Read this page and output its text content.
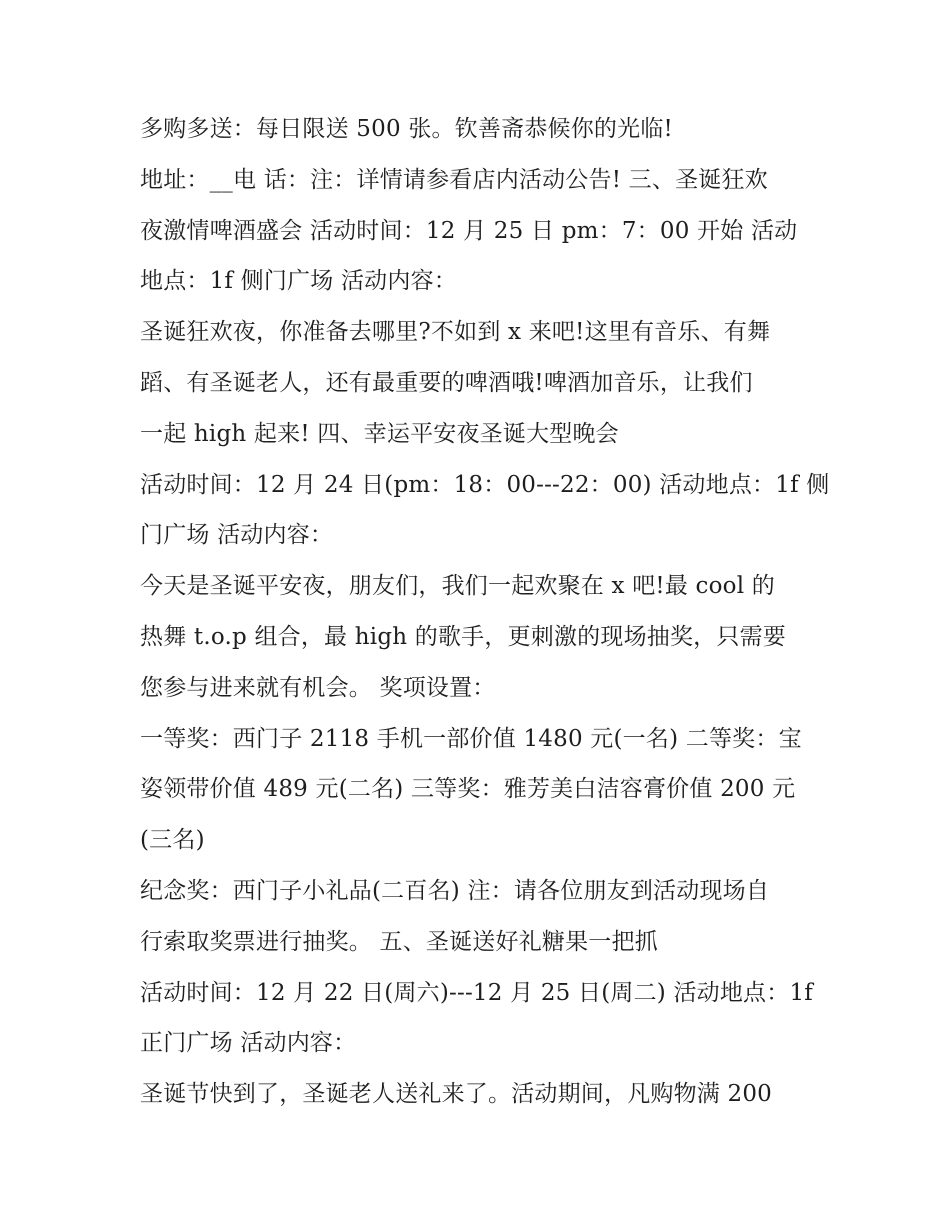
多购多送：每日限送 500 张。钦善斋恭候你的光临!
地址：__电 话：注：详情请参看店内活动公告! 三、圣诞狂欢
夜激情啤酒盛会 活动时间：12 月 25 日 pm：7：00 开始 活动
地点：1f 侧门广场 活动内容：
圣诞狂欢夜，你准备去哪里?不如到 x 来吧!这里有音乐、有舞
蹈、有圣诞老人，还有最重要的啤酒哦!啤酒加音乐，让我们
一起 high 起来! 四、幸运平安夜圣诞大型晚会
活动时间：12 月 24 日(pm：18：00---22：00) 活动地点：1f 侧
门广场 活动内容：
今天是圣诞平安夜，朋友们，我们一起欢聚在 x 吧!最 cool 的
热舞 t.o.p 组合，最 high 的歌手，更刺激的现场抽奖，只需要
您参与进来就有机会。 奖项设置：
一等奖：西门子 2118 手机一部价值 1480 元(一名) 二等奖：宝
姿领带价值 489 元(二名) 三等奖：雅芳美白洁容膏价值 200 元
(三名)
纪念奖：西门子小礼品(二百名) 注：请各位朋友到活动现场自
行索取奖票进行抽奖。 五、圣诞送好礼糖果一把抓
活动时间：12 月 22 日(周六)---12 月 25 日(周二) 活动地点：1f
正门广场 活动内容：
圣诞节快到了，圣诞老人送礼来了。活动期间，凡购物满 200
